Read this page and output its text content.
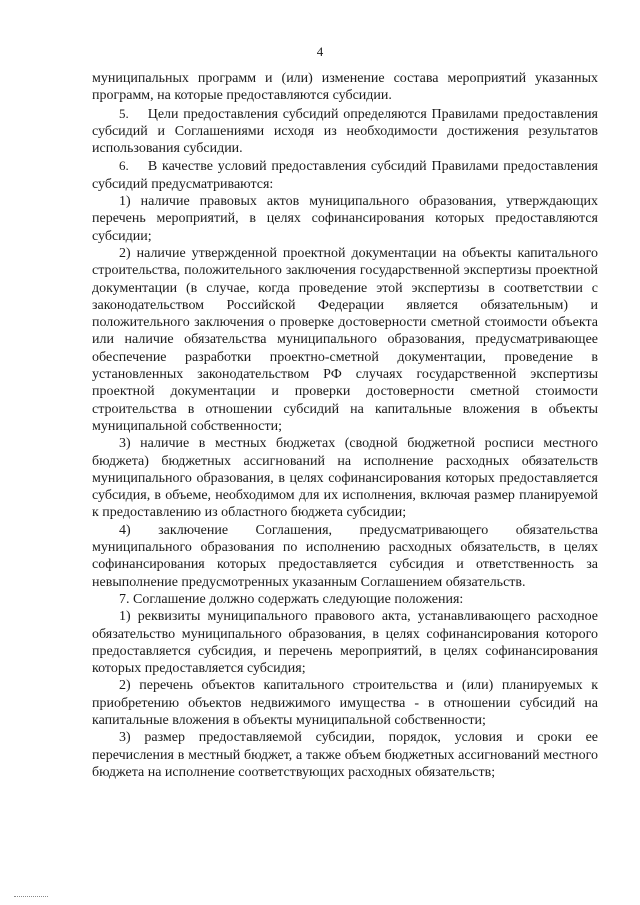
4

муниципальных программ и (или) изменение состава мероприятий указанных программ, на которые предоставляются субсидии.

5. Цели предоставления субсидий определяются Правилами предоставления субсидий и Соглашениями исходя из необходимости достижения результатов использования субсидии.

6. В качестве условий предоставления субсидий Правилами предоставления субсидий предусматриваются:

1) наличие правовых актов муниципального образования, утверждающих перечень мероприятий, в целях софинансирования которых предоставляются субсидии;

2) наличие утвержденной проектной документации на объекты капитального строительства, положительного заключения государственной экспертизы проектной документации (в случае, когда проведение этой экспертизы в соответствии с законодательством Российской Федерации является обязательным) и положительного заключения о проверке достоверности сметной стоимости объекта или наличие обязательства муниципального образования, предусматривающее обеспечение разработки проектно-сметной документации, проведение в установленных законодательством РФ случаях государственной экспертизы проектной документации и проверки достоверности сметной стоимости строительства в отношении субсидий на капитальные вложения в объекты муниципальной собственности;

3) наличие в местных бюджетах (сводной бюджетной росписи местного бюджета) бюджетных ассигнований на исполнение расходных обязательств муниципального образования, в целях софинансирования которых предоставляется субсидия, в объеме, необходимом для их исполнения, включая размер планируемой к предоставлению из областного бюджета субсидии;

4) заключение Соглашения, предусматривающего обязательства муниципального образования по исполнению расходных обязательств, в целях софинансирования которых предоставляется субсидия и ответственность за невыполнение предусмотренных указанным Соглашением обязательств.

7. Соглашение должно содержать следующие положения:

1) реквизиты муниципального правового акта, устанавливающего расходное обязательство муниципального образования, в целях софинансирования которого предоставляется субсидия, и перечень мероприятий, в целях софинансирования которых предоставляется субсидия;

2) перечень объектов капитального строительства и (или) планируемых к приобретению объектов недвижимого имущества - в отношении субсидий на капитальные вложения в объекты муниципальной собственности;

3) размер предоставляемой субсидии, порядок, условия и сроки ее перечисления в местный бюджет, а также объем бюджетных ассигнований местного бюджета на исполнение соответствующих расходных обязательств;
